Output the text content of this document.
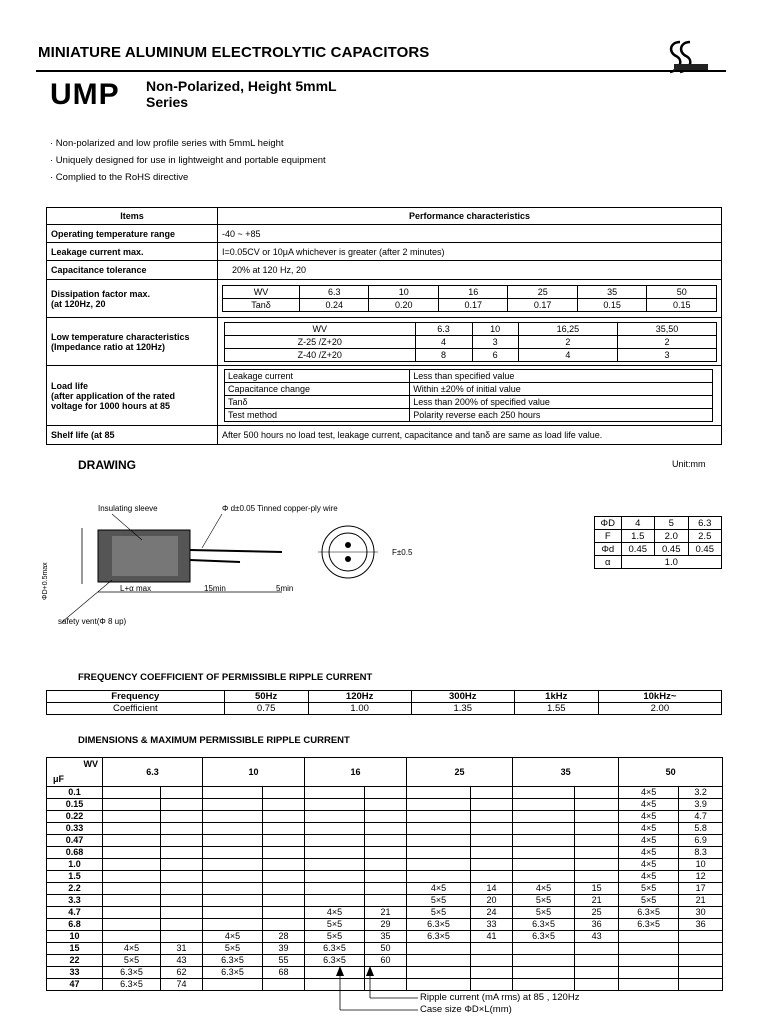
MINIATURE ALUMINUM ELECTROLYTIC CAPACITORS
UMP Non-Polarized, Height 5mmL
Series
· Non-polarized and low profile series with 5mmL height
· Uniquely designed for use in lightweight and portable equipment
· Complied to the RoHS directive
Items	Performance characteristics
Operating temperature range	-40 ~ +85
Leakage current max.	I=0.05CV or 10μA whichever is greater (after 2 minutes)
Capacitance tolerance	20% at 120 Hz, 20

Dissipation factor max.
(at 120Hz, 20

WV	6.3	10	16	25	35	50
Tanδ	0.24	0.20	0.17	0.17	0.15	0.15

Low temperature characteristics
(Impedance ratio at 120Hz)

WV	6.3	10	16,25	35,50
Z-25 /Z+20	4	3	2	2
Z-40 /Z+20	8	6	4	3

Load life
(after application of the rated
voltage for 1000 hours at 85

Leakage current	Less than specified value
Capacitance change	Within ±20% of initial value
Tanδ	Less than 200% of specified value
Test method	Polarity reverse each 250 hours

Shelf life (at 85	After 500 hours no load test, leakage current, capacitance and tanδ are same as load life value.
DRAWING	Unit:mm
Insulating sleeve	Φ d±0.05 Tinned copper-ply wire
ΦD+0.5max	L+α max	15min	5min
F±0.5
safety vent(Φ 8 up)
ΦD	4	5	6.3
F	1.5	2.0	2.5
Φd	0.45	0.45	0.45
α	1.0		
FREQUENCY COEFFICIENT OF PERMISSIBLE RIPPLE CURRENT
Frequency	50Hz	120Hz	300Hz	1kHz	10kHz~
Coefficient	0.75	1.00	1.35	1.55	2.00
DIMENSIONS & MAXIMUM PERMISSIBLE RIPPLE CURRENT
WV
μF	6.3		10		16		25		35		50	
0.1											4×5	3.2
0.15											4×5	3.9
0.22											4×5	4.7
0.33											4×5	5.8
0.47											4×5	6.9
0.68											4×5	8.3
1.0											4×5	10
1.5											4×5	12
2.2							4×5	14	4×5	15	5×5	17
3.3							5×5	20	5×5	21	5×5	21
4.7					4×5	21	5×5	24	5×5	25	6.3×5	30
6.8					5×5	29	6.3×5	33	6.3×5	36	6.3×5	36
10			4×5	28	5×5	35	6.3×5	41	6.3×5	43		
15	4×5	31	5×5	39	6.3×5	50						
22	5×5	43	6.3×5	55	6.3×5	60						
33	6.3×5	62	6.3×5	68								
47	6.3×5	74										
Ripple current (mA rms) at 85 , 120Hz
Case size ΦD×L(mm)
